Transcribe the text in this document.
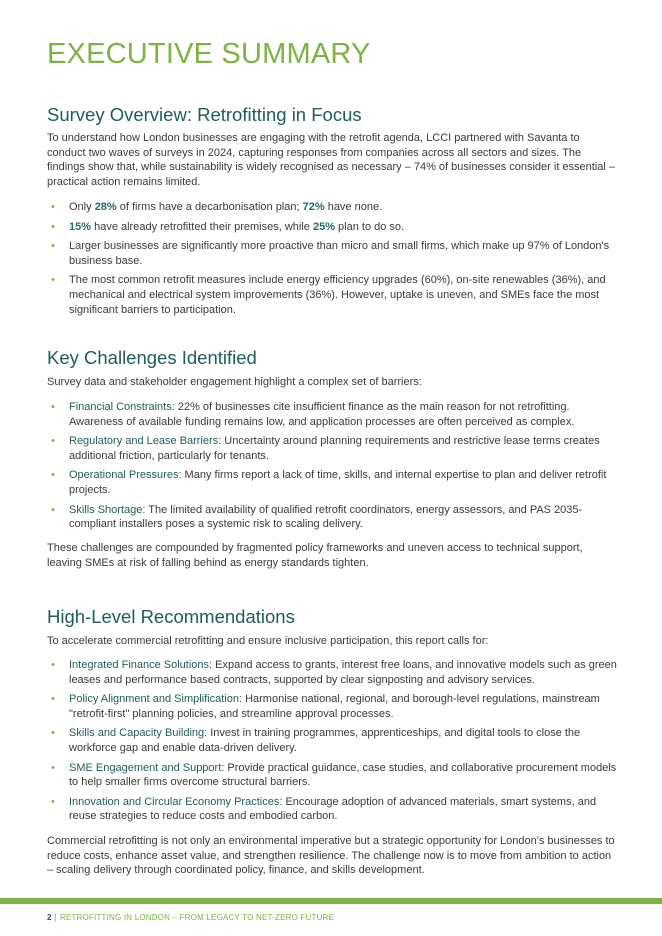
EXECUTIVE SUMMARY
Survey Overview: Retrofitting in Focus

To understand how London businesses are engaging with the retrofit agenda, LCCI partnered with Savanta to conduct two waves of surveys in 2024, capturing responses from companies across all sectors and sizes. The findings show that, while sustainability is widely recognised as necessary – 74% of businesses consider it essential – practical action remains limited.

• Only 28% of firms have a decarbonisation plan; 72% have none.
• 15% have already retrofitted their premises, while 25% plan to do so.
• Larger businesses are significantly more proactive than micro and small firms, which make up 97% of London's business base.
• The most common retrofit measures include energy efficiency upgrades (60%), on-site renewables (36%), and mechanical and electrical system improvements (36%). However, uptake is uneven, and SMEs face the most significant barriers to participation.
Key Challenges Identified

Survey data and stakeholder engagement highlight a complex set of barriers:

• Financial Constraints: 22% of businesses cite insufficient finance as the main reason for not retrofitting. Awareness of available funding remains low, and application processes are often perceived as complex.
• Regulatory and Lease Barriers: Uncertainty around planning requirements and restrictive lease terms creates additional friction, particularly for tenants.
• Operational Pressures: Many firms report a lack of time, skills, and internal expertise to plan and deliver retrofit projects.
• Skills Shortage: The limited availability of qualified retrofit coordinators, energy assessors, and PAS 2035-compliant installers poses a systemic risk to scaling delivery.

These challenges are compounded by fragmented policy frameworks and uneven access to technical support, leaving SMEs at risk of falling behind as energy standards tighten.

High-Level Recommendations

To accelerate commercial retrofitting and ensure inclusive participation, this report calls for:

• Integrated Finance Solutions: Expand access to grants, interest free loans, and innovative models such as green leases and performance based contracts, supported by clear signposting and advisory services.
• Policy Alignment and Simplification: Harmonise national, regional, and borough-level regulations, mainstream "retrofit-first" planning policies, and streamline approval processes.
• Skills and Capacity Building: Invest in training programmes, apprenticeships, and digital tools to close the workforce gap and enable data-driven delivery.
• SME Engagement and Support: Provide practical guidance, case studies, and collaborative procurement models to help smaller firms overcome structural barriers.
• Innovation and Circular Economy Practices: Encourage adoption of advanced materials, smart systems, and reuse strategies to reduce costs and embodied carbon.

Commercial retrofitting is not only an environmental imperative but a strategic opportunity for London's businesses to reduce costs, enhance asset value, and strengthen resilience. The challenge now is to move from ambition to action – scaling delivery through coordinated policy, finance, and skills development.

2 | RETROFITTING IN LONDON – FROM LEGACY TO NET-ZERO FUTURE
